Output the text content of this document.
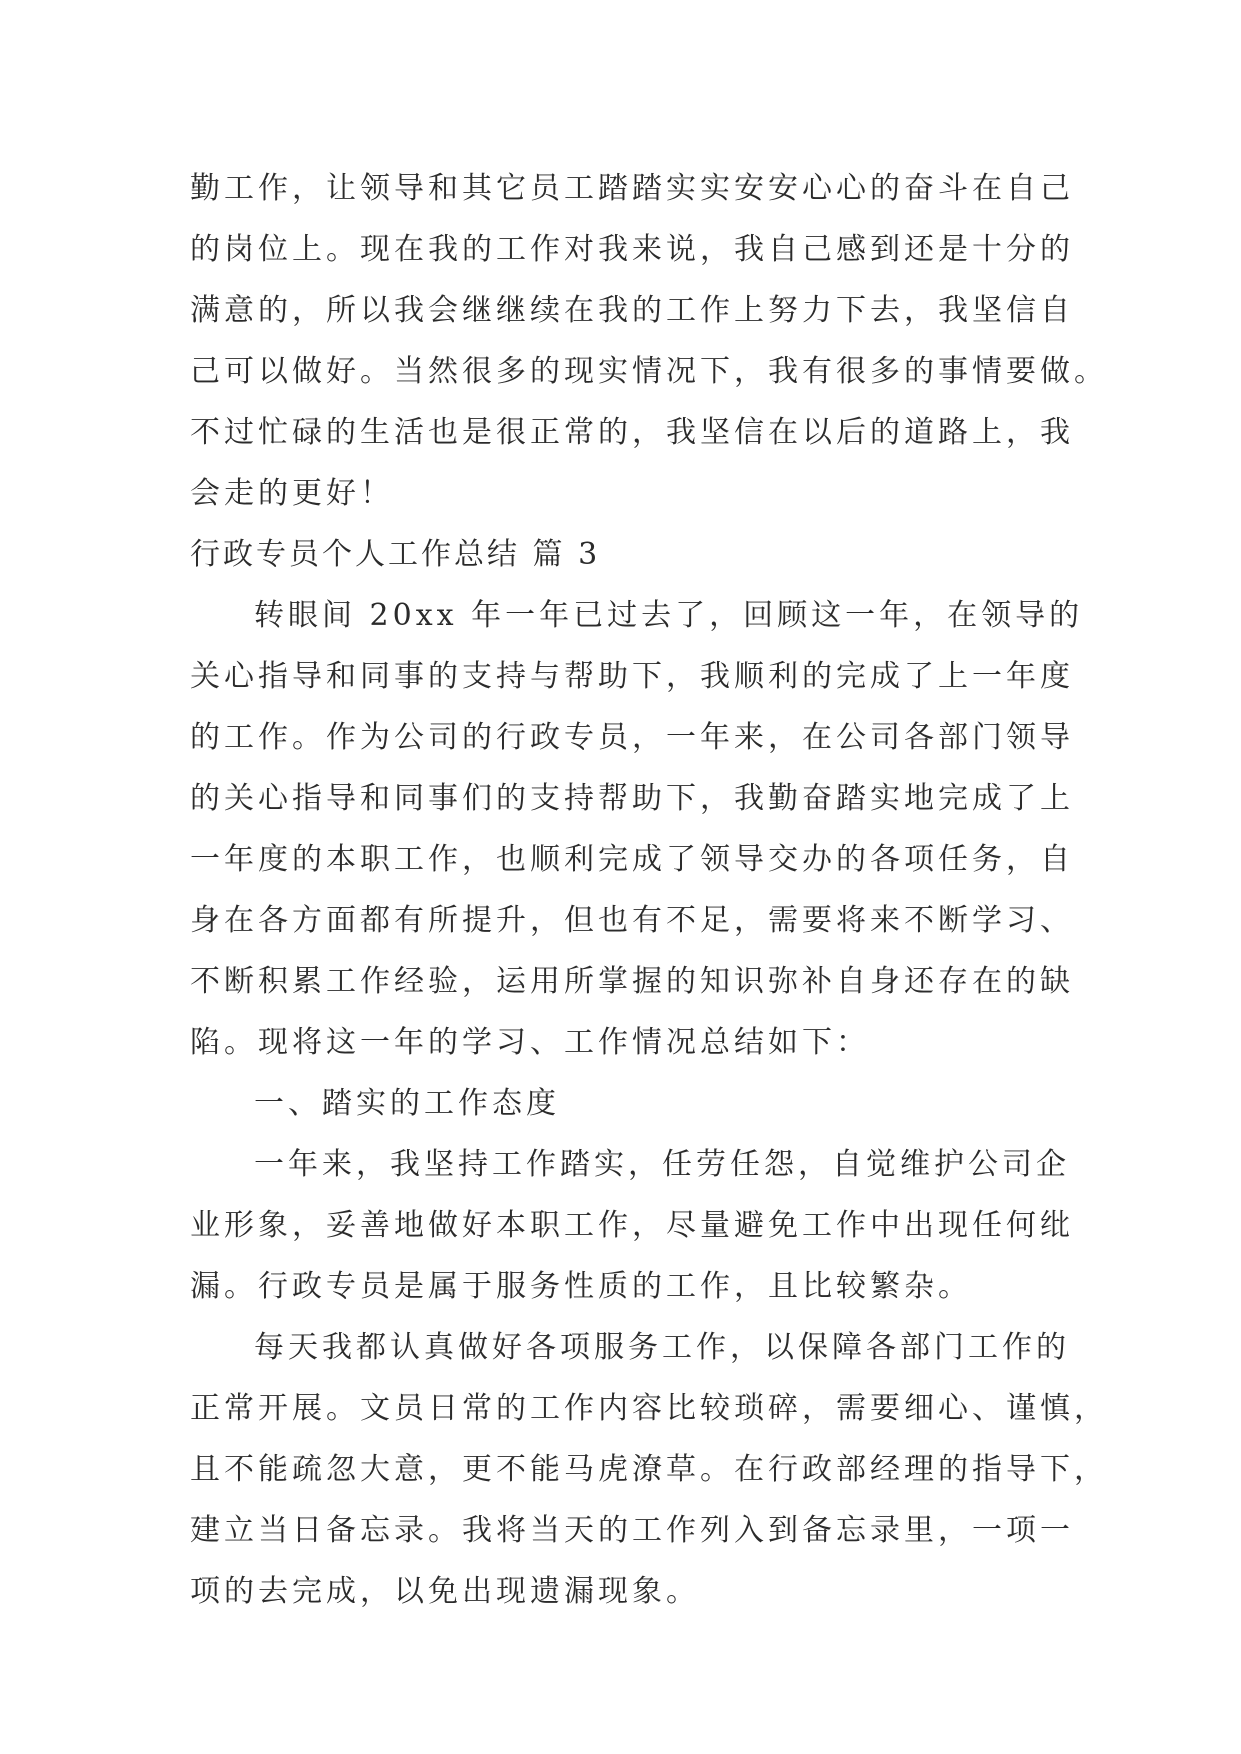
勤工作，让领导和其它员工踏踏实实安安心心的奋斗在自己
的岗位上。现在我的工作对我来说，我自己感到还是十分的
满意的，所以我会继继续在我的工作上努力下去，我坚信自
己可以做好。当然很多的现实情况下，我有很多的事情要做。
不过忙碌的生活也是很正常的，我坚信在以后的道路上，我
会走的更好！
行政专员个人工作总结 篇 3
转眼间 20xx 年一年已过去了，回顾这一年，在领导的
关心指导和同事的支持与帮助下，我顺利的完成了上一年度
的工作。作为公司的行政专员，一年来，在公司各部门领导
的关心指导和同事们的支持帮助下，我勤奋踏实地完成了上
一年度的本职工作，也顺利完成了领导交办的各项任务，自
身在各方面都有所提升，但也有不足，需要将来不断学习、
不断积累工作经验，运用所掌握的知识弥补自身还存在的缺
陷。现将这一年的学习、工作情况总结如下：
一、踏实的工作态度
一年来，我坚持工作踏实，任劳任怨，自觉维护公司企
业形象，妥善地做好本职工作，尽量避免工作中出现任何纰
漏。行政专员是属于服务性质的工作，且比较繁杂。
每天我都认真做好各项服务工作，以保障各部门工作的
正常开展。文员日常的工作内容比较琐碎，需要细心、谨慎，
且不能疏忽大意，更不能马虎潦草。在行政部经理的指导下，
建立当日备忘录。我将当天的工作列入到备忘录里，一项一
项的去完成，以免出现遗漏现象。
